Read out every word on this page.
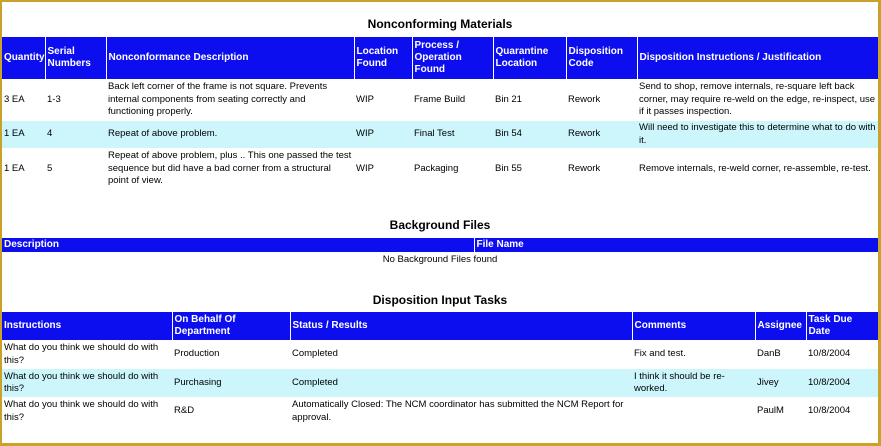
Nonconforming Materials
Quantity	Serial Numbers	Nonconformance Description	Location Found	Process / Operation Found	Quarantine Location	Disposition Code	Disposition Instructions / Justification
3 EA	1-3	Back left corner of the frame is not square. Prevents internal components from seating correctly and functioning properly.	WIP	Frame Build	Bin 21	Rework	Send to shop, remove internals, re-square left back corner, may require re-weld on the edge, re-inspect, use if it passes inspection.
1 EA	4	Repeat of above problem.	WIP	Final Test	Bin 54	Rework	Will need to investigate this to determine what to do with it.
1 EA	5	Repeat of above problem, plus .. This one passed the test sequence but did have a bad corner from a structural point of view.	WIP	Packaging	Bin 55	Rework	Remove internals, re-weld corner, re-assemble, re-test.
Background Files
Description	File Name
No Background Files found
Disposition Input Tasks
Instructions	On Behalf Of Department	Status / Results	Comments	Assignee	Task Due Date
What do you think we should do with this?	Production	Completed	Fix and test.	DanB	10/8/2004
What do you think we should do with this?	Purchasing	Completed	I think it should be re-worked.	Jivey	10/8/2004
What do you think we should do with this?	R&D	Automatically Closed: The NCM coordinator has submitted the NCM Report for approval.		PaulM	10/8/2004
